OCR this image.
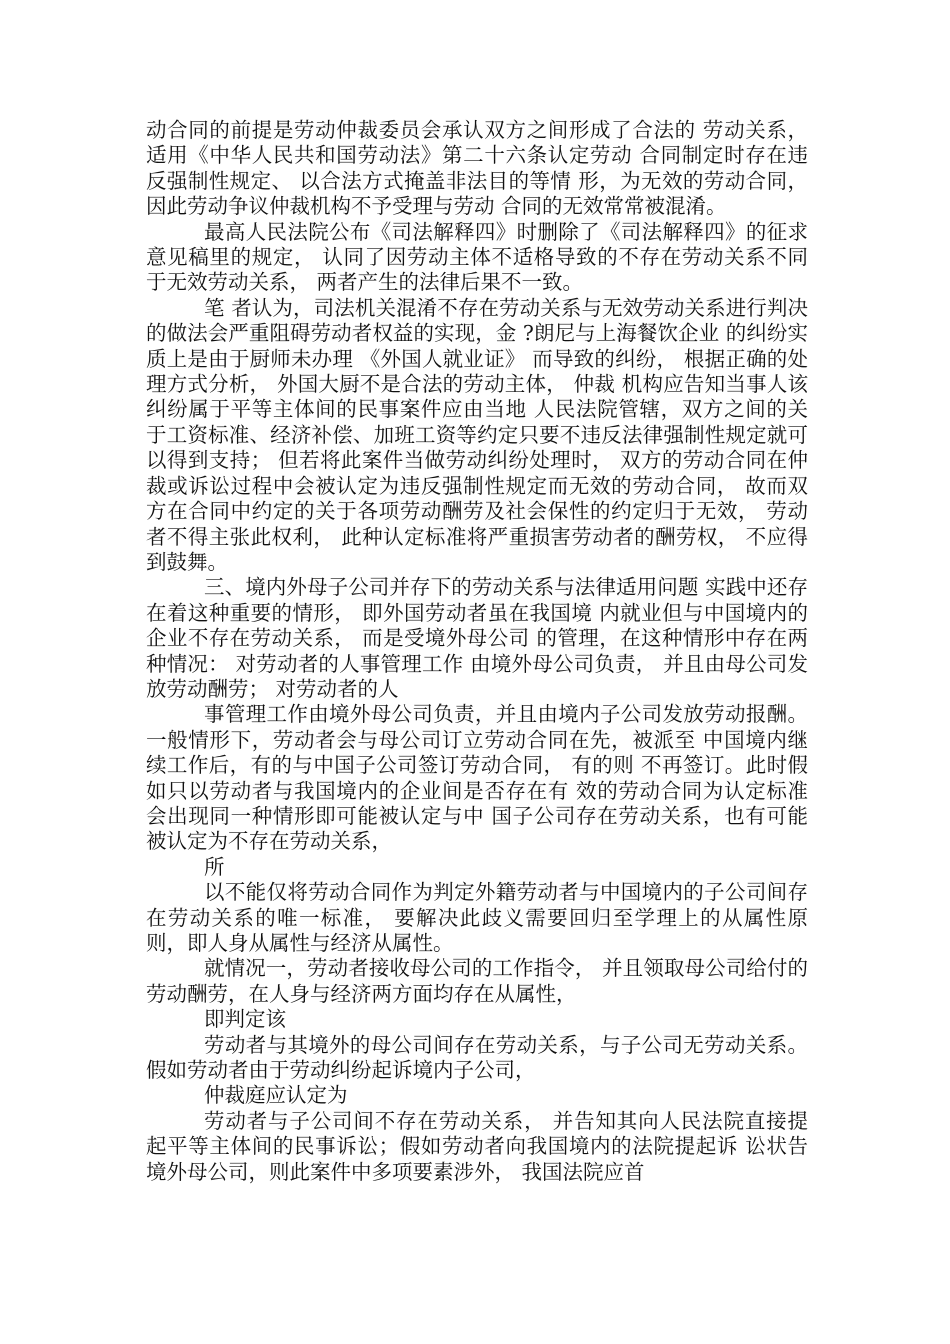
动合同的前提是劳动仲裁委员会承认双方之间形成了合法的 劳动关系，适用《中华人民共和国劳动法》第二十六条认定劳动 合同制定时存在违反强制性规定、 以合法方式掩盖非法目的等情 形，为无效的劳动合同， 因此劳动争议仲裁机构不予受理与劳动 合同的无效常常被混淆。

最高人民法院公布《司法解释四》时删除了《司法解释四》的征求意见稿里的规定， 认同了因劳动主体不适格导致的不存在劳动关系不同于无效劳动关系， 两者产生的法律后果不一致。

笔 者认为，司法机关混淆不存在劳动关系与无效劳动关系进行判决 的做法会严重阻碍劳动者权益的实现，金 ?朗尼与上海餐饮企业 的纠纷实质上是由于厨师未办理 《外国人就业证》 而导致的纠纷， 根据正确的处理方式分析， 外国大厨不是合法的劳动主体， 仲裁 机构应告知当事人该纠纷属于平等主体间的民事案件应由当地 人民法院管辖，双方之间的关于工资标准、经济补偿、加班工资等约定只要不违反法律强制性规定就可以得到支持； 但若将此案件当做劳动纠纷处理时， 双方的劳动合同在仲裁或诉讼过程中会被认定为违反强制性规定而无效的劳动合同， 故而双方在合同中约定的关于各项劳动酬劳及社会保性的约定归于无效， 劳动者不得主张此权利， 此种认定标准将严重损害劳动者的酬劳权， 不应得到鼓舞。

三、境内外母子公司并存下的劳动关系与法律适用问题 实践中还存在着这种重要的情形， 即外国劳动者虽在我国境 内就业但与中国境内的企业不存在劳动关系， 而是受境外母公司 的管理，在这种情形中存在两种情况： 对劳动者的人事管理工作 由境外母公司负责， 并且由母公司发放劳动酬劳； 对劳动者的人

事管理工作由境外母公司负责，并且由境内子公司发放劳动报酬。一般情形下，劳动者会与母公司订立劳动合同在先，被派至 中国境内继续工作后，有的与中国子公司签订劳动合同， 有的则 不再签订。此时假如只以劳动者与我国境内的企业间是否存在有 效的劳动合同为认定标准会出现同一种情形即可能被认定与中 国子公司存在劳动关系，也有可能被认定为不存在劳动关系，

所

以不能仅将劳动合同作为判定外籍劳动者与中国境内的子公司间存在劳动关系的唯一标准， 要解决此歧义需要回归至学理上的从属性原则，即人身从属性与经济从属性。

就情况一，劳动者接收母公司的工作指令， 并且领取母公司给付的劳动酬劳，在人身与经济两方面均存在从属性，

即判定该

劳动者与其境外的母公司间存在劳动关系，与子公司无劳动关系。假如劳动者由于劳动纠纷起诉境内子公司，

仲裁庭应认定为

劳动者与子公司间不存在劳动关系， 并告知其向人民法院直接提 起平等主体间的民事诉讼；假如劳动者向我国境内的法院提起诉 讼状告境外母公司，则此案件中多项要素涉外， 我国法院应首
